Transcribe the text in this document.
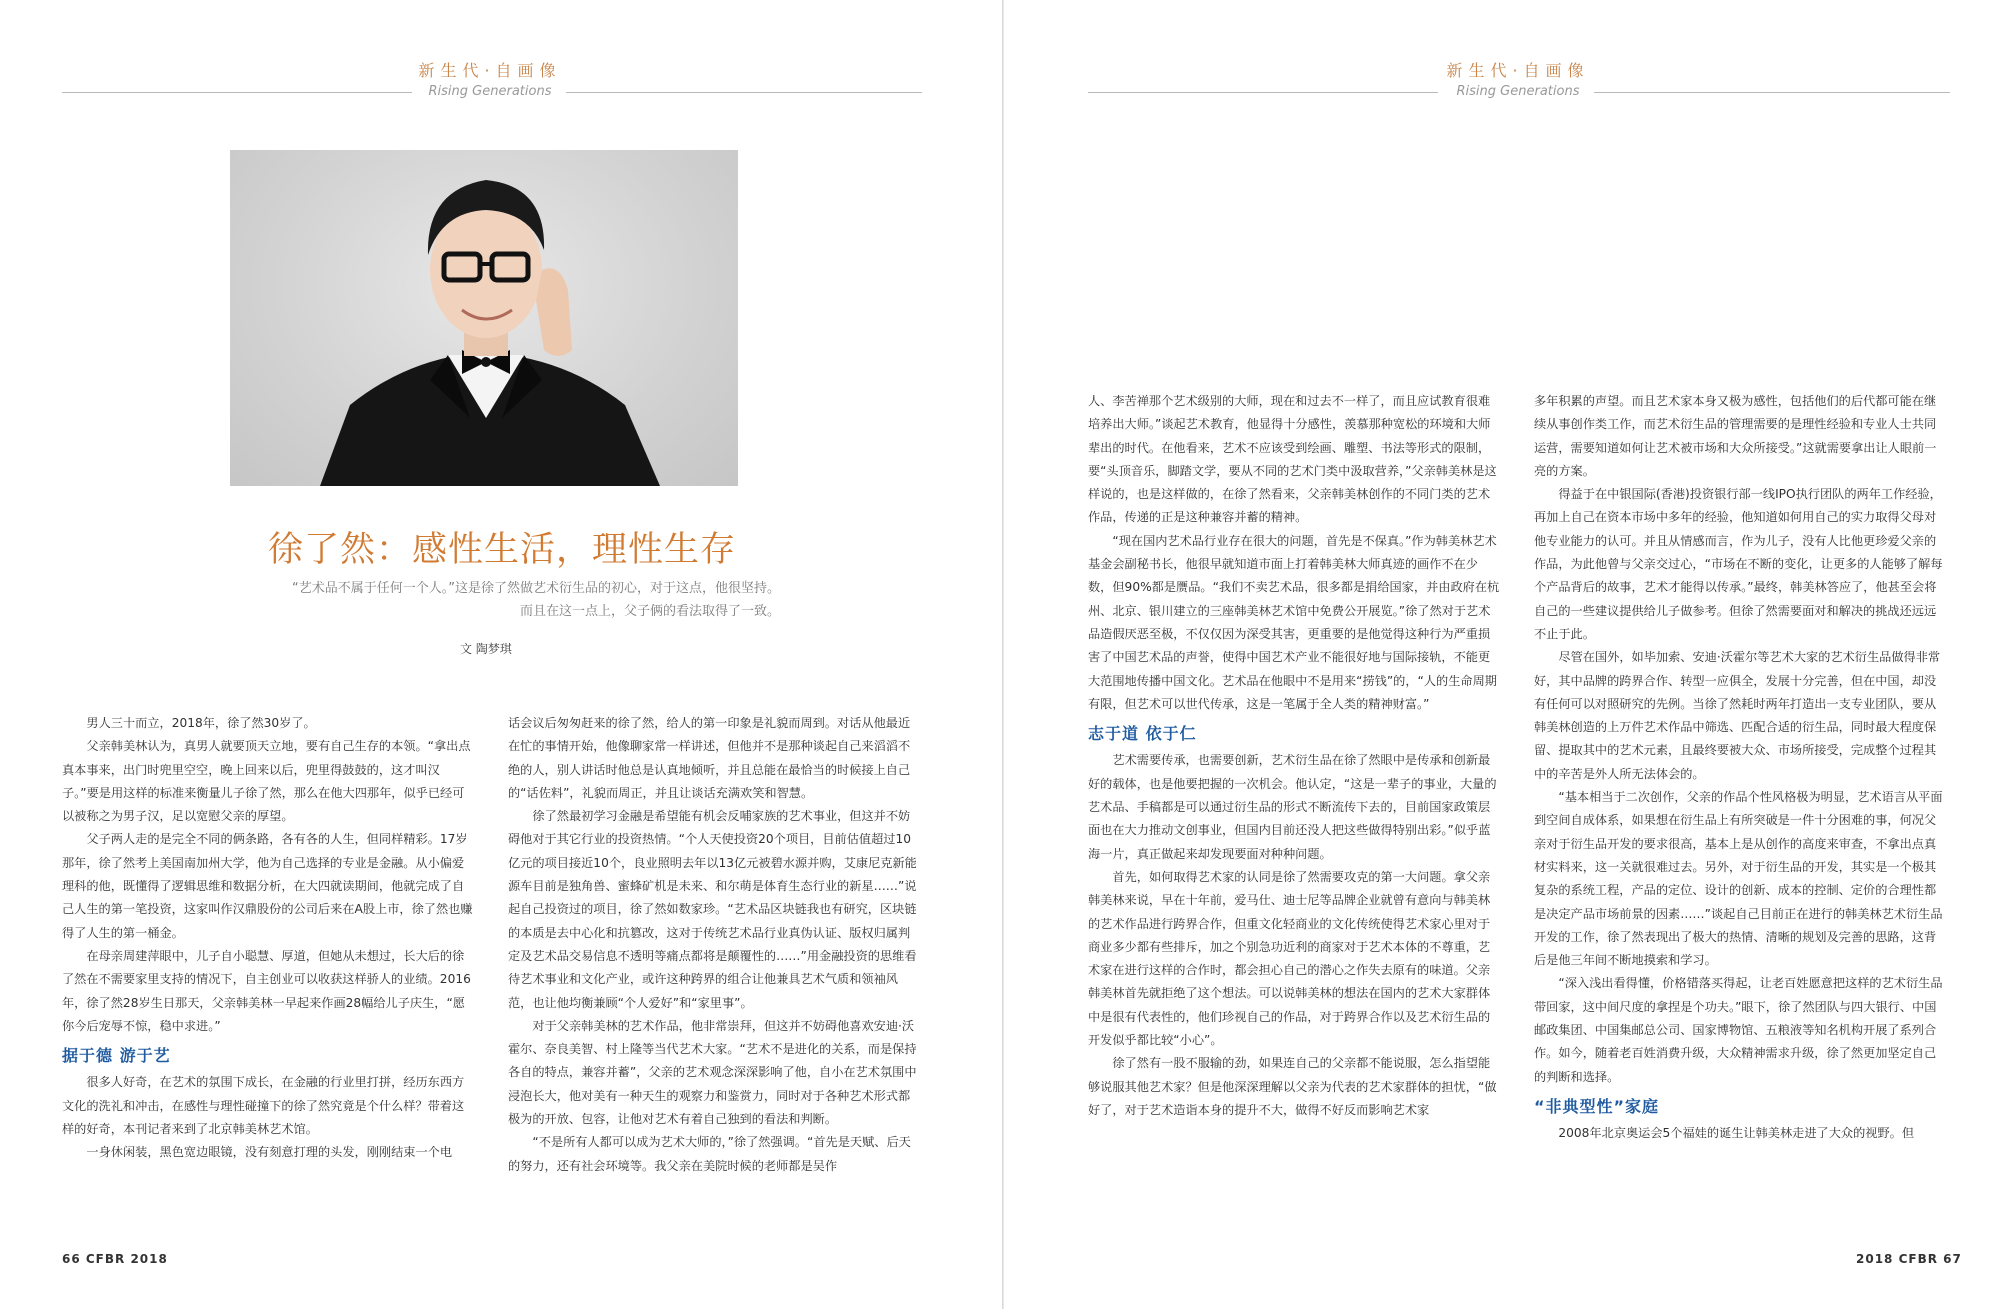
新生代·自画像
Rising Generations
徐了然：感性生活，理性生存
“艺术品不属于任何一个人。”这是徐了然做艺术衍生品的初心，对于这点，他很坚持。
而且在这一点上，父子俩的看法取得了一致。
文 陶梦琪

男人三十而立，2018年，徐了然30岁了。

父亲韩美林认为，真男人就要顶天立地，要有自己生存的本领。“拿出点真本事来，出门时兜里空空，晚上回来以后，兜里得鼓鼓的，这才叫汉子。”要是用这样的标准来衡量儿子徐了然，那么在他大四那年，似乎已经可以被称之为男子汉，足以宽慰父亲的厚望。

父子两人走的是完全不同的俩条路，各有各的人生，但同样精彩。17岁那年，徐了然考上美国南加州大学，他为自己选择的专业是金融。从小偏爱理科的他，既懂得了逻辑思维和数据分析，在大四就读期间，他就完成了自己人生的第一笔投资，这家叫作汉鼎股份的公司后来在A股上市，徐了然也赚得了人生的第一桶金。

在母亲周建萍眼中，儿子自小聪慧、厚道，但她从未想过，长大后的徐了然在不需要家里支持的情况下，自主创业可以收获这样骄人的业绩。2016年，徐了然28岁生日那天，父亲韩美林一早起来作画28幅给儿子庆生，“愿你今后宠辱不惊，稳中求进。”

据于德 游于艺

很多人好奇，在艺术的氛围下成长，在金融的行业里打拼，经历东西方文化的洗礼和冲击，在感性与理性碰撞下的徐了然究竟是个什么样？带着这样的好奇，本刊记者来到了北京韩美林艺术馆。

一身休闲装，黑色宽边眼镜，没有刻意打理的头发，刚刚结束一个电

话会议后匆匆赶来的徐了然，给人的第一印象是礼貌而周到。对话从他最近在忙的事情开始，他像聊家常一样讲述，但他并不是那种谈起自己来滔滔不绝的人，别人讲话时他总是认真地倾听，并且总能在最恰当的时候接上自己的“话佐料”，礼貌而周正，并且让谈话充满欢笑和智慧。

徐了然最初学习金融是希望能有机会反哺家族的艺术事业，但这并不妨碍他对于其它行业的投资热情。“个人天使投资20个项目，目前估值超过10亿元的项目接近10个，良业照明去年以13亿元被碧水源并购，艾康尼克新能源车目前是独角兽、蜜蜂矿机是未来、和尔萌是体育生态行业的新星……”说起自己投资过的项目，徐了然如数家珍。“艺术品区块链我也有研究，区块链的本质是去中心化和抗篡改，这对于传统艺术品行业真伪认证、版权归属判定及艺术品交易信息不透明等痛点都将是颠覆性的……”用金融投资的思维看待艺术事业和文化产业，或许这种跨界的组合让他兼具艺术气质和领袖风范，也让他均衡兼顾“个人爱好”和“家里事”。

对于父亲韩美林的艺术作品，他非常崇拜，但这并不妨碍他喜欢安迪·沃霍尔、奈良美智、村上隆等当代艺术大家。“艺术不是进化的关系，而是保持各自的特点，兼容并蓄”，父亲的艺术观念深深影响了他，自小在艺术氛围中浸泡长大，他对美有一种天生的观察力和鉴赏力，同时对于各种艺术形式都极为的开放、包容，让他对艺术有着自己独到的看法和判断。

“不是所有人都可以成为艺术大师的，”徐了然强调。“首先是天赋、后天的努力，还有社会环境等。我父亲在美院时候的老师都是吴作

66 CFBR 2018
新生代·自画像
Rising Generations

人、李苦禅那个艺术级别的大师，现在和过去不一样了，而且应试教育很难培养出大师。”谈起艺术教育，他显得十分感性，羡慕那种宽松的环境和大师辈出的时代。在他看来，艺术不应该受到绘画、雕塑、书法等形式的限制，要“头顶音乐，脚踏文学，要从不同的艺术门类中汲取营养，”父亲韩美林是这样说的，也是这样做的，在徐了然看来，父亲韩美林创作的不同门类的艺术作品，传递的正是这种兼容并蓄的精神。

“现在国内艺术品行业存在很大的问题，首先是不保真。”作为韩美林艺术基金会副秘书长，他很早就知道市面上打着韩美林大师真迹的画作不在少数，但90%都是赝品。“我们不卖艺术品，很多都是捐给国家，并由政府在杭州、北京、银川建立的三座韩美林艺术馆中免费公开展览。”徐了然对于艺术品造假厌恶至极，不仅仅因为深受其害，更重要的是他觉得这种行为严重损害了中国艺术品的声誉，使得中国艺术产业不能很好地与国际接轨，不能更大范围地传播中国文化。艺术品在他眼中不是用来“捞钱”的，“人的生命周期有限，但艺术可以世代传承，这是一笔属于全人类的精神财富。”

志于道 依于仁

艺术需要传承，也需要创新，艺术衍生品在徐了然眼中是传承和创新最好的载体，也是他要把握的一次机会。他认定，“这是一辈子的事业，大量的艺术品、手稿都是可以通过衍生品的形式不断流传下去的，目前国家政策层面也在大力推动文创事业，但国内目前还没人把这些做得特别出彩。”似乎蓝海一片，真正做起来却发现要面对种种问题。

首先，如何取得艺术家的认同是徐了然需要攻克的第一大问题。拿父亲韩美林来说，早在十年前，爱马仕、迪士尼等品牌企业就曾有意向与韩美林的艺术作品进行跨界合作，但重文化轻商业的文化传统使得艺术家心里对于商业多少都有些排斥，加之个别急功近利的商家对于艺术本体的不尊重，艺术家在进行这样的合作时，都会担心自己的潜心之作失去原有的味道。父亲韩美林首先就拒绝了这个想法。可以说韩美林的想法在国内的艺术大家群体中是很有代表性的，他们珍视自己的作品，对于跨界合作以及艺术衍生品的开发似乎都比较“小心”。

徐了然有一股不服输的劲，如果连自己的父亲都不能说服，怎么指望能够说服其他艺术家？但是他深深理解以父亲为代表的艺术家群体的担忧，“做好了，对于艺术造诣本身的提升不大，做得不好反而影响艺术家

多年积累的声望。而且艺术家本身又极为感性，包括他们的后代都可能在继续从事创作类工作，而艺术衍生品的管理需要的是理性经验和专业人士共同运营，需要知道如何让艺术被市场和大众所接受。”这就需要拿出让人眼前一亮的方案。

得益于在中银国际(香港)投资银行部一线IPO执行团队的两年工作经验，再加上自己在资本市场中多年的经验，他知道如何用自己的实力取得父母对他专业能力的认可。并且从情感而言，作为儿子，没有人比他更珍爱父亲的作品，为此他曾与父亲交过心，“市场在不断的变化，让更多的人能够了解每个产品背后的故事，艺术才能得以传承。”最终，韩美林答应了，他甚至会将自己的一些建议提供给儿子做参考。但徐了然需要面对和解决的挑战还远远不止于此。

尽管在国外，如毕加索、安迪·沃霍尔等艺术大家的艺术衍生品做得非常好，其中品牌的跨界合作、转型一应俱全，发展十分完善，但在中国，却没有任何可以对照研究的先例。当徐了然耗时两年打造出一支专业团队，要从韩美林创造的上万件艺术作品中筛选、匹配合适的衍生品，同时最大程度保留、提取其中的艺术元素，且最终要被大众、市场所接受，完成整个过程其中的辛苦是外人所无法体会的。

“基本相当于二次创作，父亲的作品个性风格极为明显，艺术语言从平面到空间自成体系，如果想在衍生品上有所突破是一件十分困难的事，何况父亲对于衍生品开发的要求很高，基本上是从创作的高度来审查，不拿出点真材实料来，这一关就很难过去。另外，对于衍生品的开发，其实是一个极其复杂的系统工程，产品的定位、设计的创新、成本的控制、定价的合理性都是决定产品市场前景的因素……”谈起自己目前正在进行的韩美林艺术衍生品开发的工作，徐了然表现出了极大的热情、清晰的规划及完善的思路，这背后是他三年间不断地摸索和学习。

“深入浅出看得懂，价格错落买得起，让老百姓愿意把这样的艺术衍生品带回家，这中间尺度的拿捏是个功夫。”眼下，徐了然团队与四大银行、中国邮政集团、中国集邮总公司、国家博物馆、五粮液等知名机构开展了系列合作。如今，随着老百姓消费升级，大众精神需求升级，徐了然更加坚定自己的判断和选择。

“非典型性”家庭

2008年北京奥运会5个福娃的诞生让韩美林走进了大众的视野。但

2018 CFBR 67
